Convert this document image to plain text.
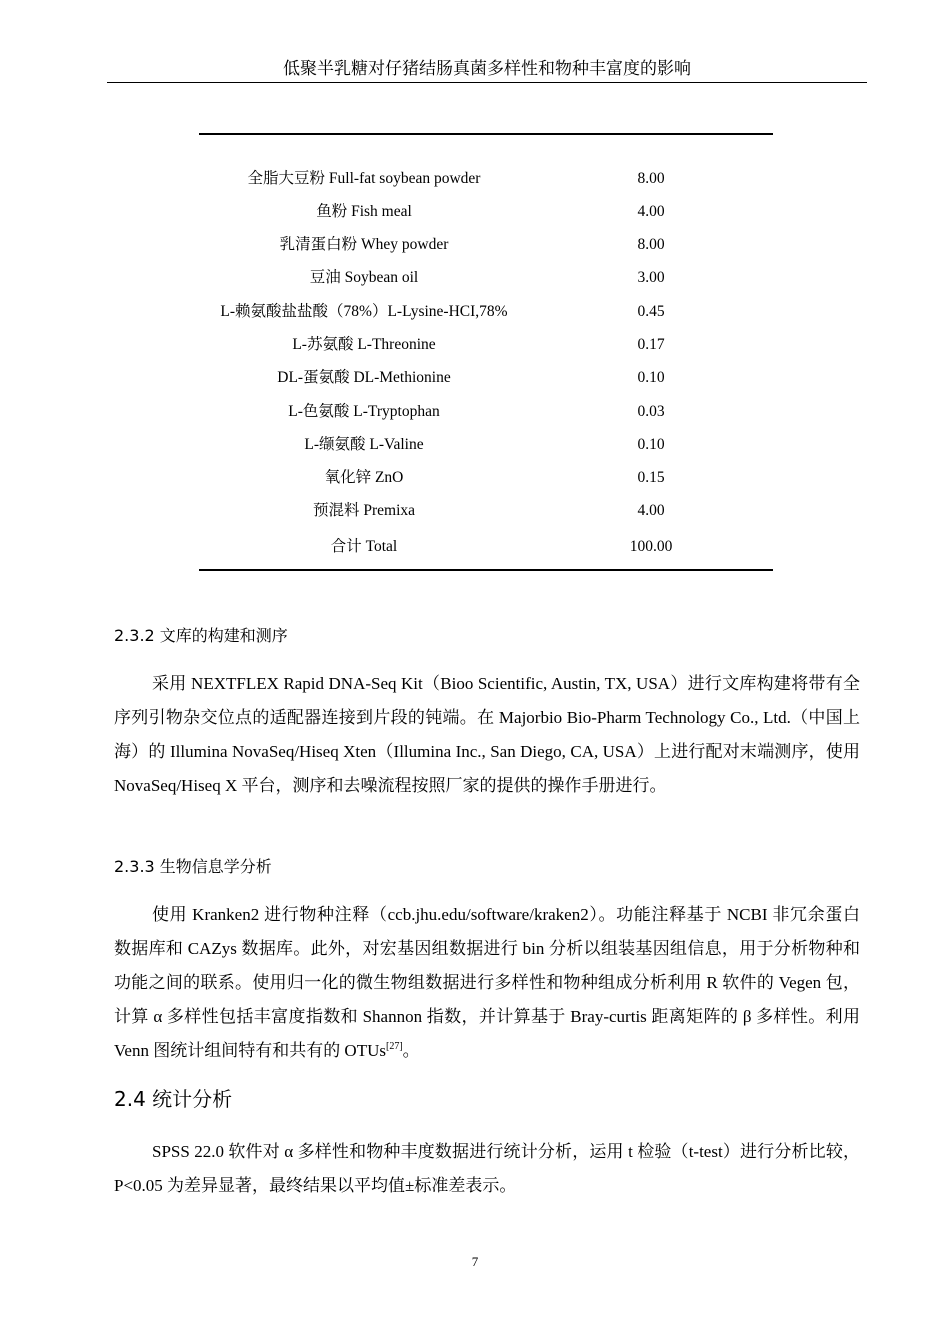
低聚半乳糖对仔猪结肠真菌多样性和物种丰富度的影响
全脂大豆粉 Full-fat soybean powder	8.00
鱼粉 Fish meal	4.00
乳清蛋白粉 Whey powder	8.00
豆油 Soybean oil	3.00
L-赖氨酸盐盐酸（78%）L-Lysine-HCI,78%	0.45
L-苏氨酸 L-Threonine	0.17
DL-蛋氨酸 DL-Methionine	0.10
L-色氨酸 L-Tryptophan	0.03
L-缬氨酸 L-Valine	0.10
氧化锌 ZnO	0.15
预混料 Premixa	4.00
合计 Total	100.00
2.3.2 文库的构建和测序
采用 NEXTFLEX Rapid DNA-Seq Kit（Bioo Scientific, Austin, TX, USA）进行文库构建将带有全序列引物杂交位点的适配器连接到片段的钝端。在 Majorbio Bio-Pharm Technology Co., Ltd.（中国上海）的 Illumina NovaSeq/Hiseq Xten（Illumina Inc., San Diego, CA, USA）上进行配对末端测序，使用 NovaSeq/Hiseq X 平台，测序和去噪流程按照厂家的提供的操作手册进行。
2.3.3 生物信息学分析
使用 Kranken2 进行物种注释（ccb.jhu.edu/software/kraken2）。功能注释基于 NCBI 非冗余蛋白数据库和 CAZys 数据库。此外，对宏基因组数据进行 bin 分析以组装基因组信息，用于分析物种和功能之间的联系。使用归一化的微生物组数据进行多样性和物种组成分析利用 R 软件的 Vegen 包，计算 α 多样性包括丰富度指数和 Shannon 指数，并计算基于 Bray-curtis 距离矩阵的 β 多样性。利用 Venn 图统计组间特有和共有的 OTUs[27]。
2.4 统计分析
SPSS 22.0 软件对 α 多样性和物种丰度数据进行统计分析，运用 t 检验（t-test）进行分析比较，P<0.05 为差异显著，最终结果以平均值±标准差表示。
7
